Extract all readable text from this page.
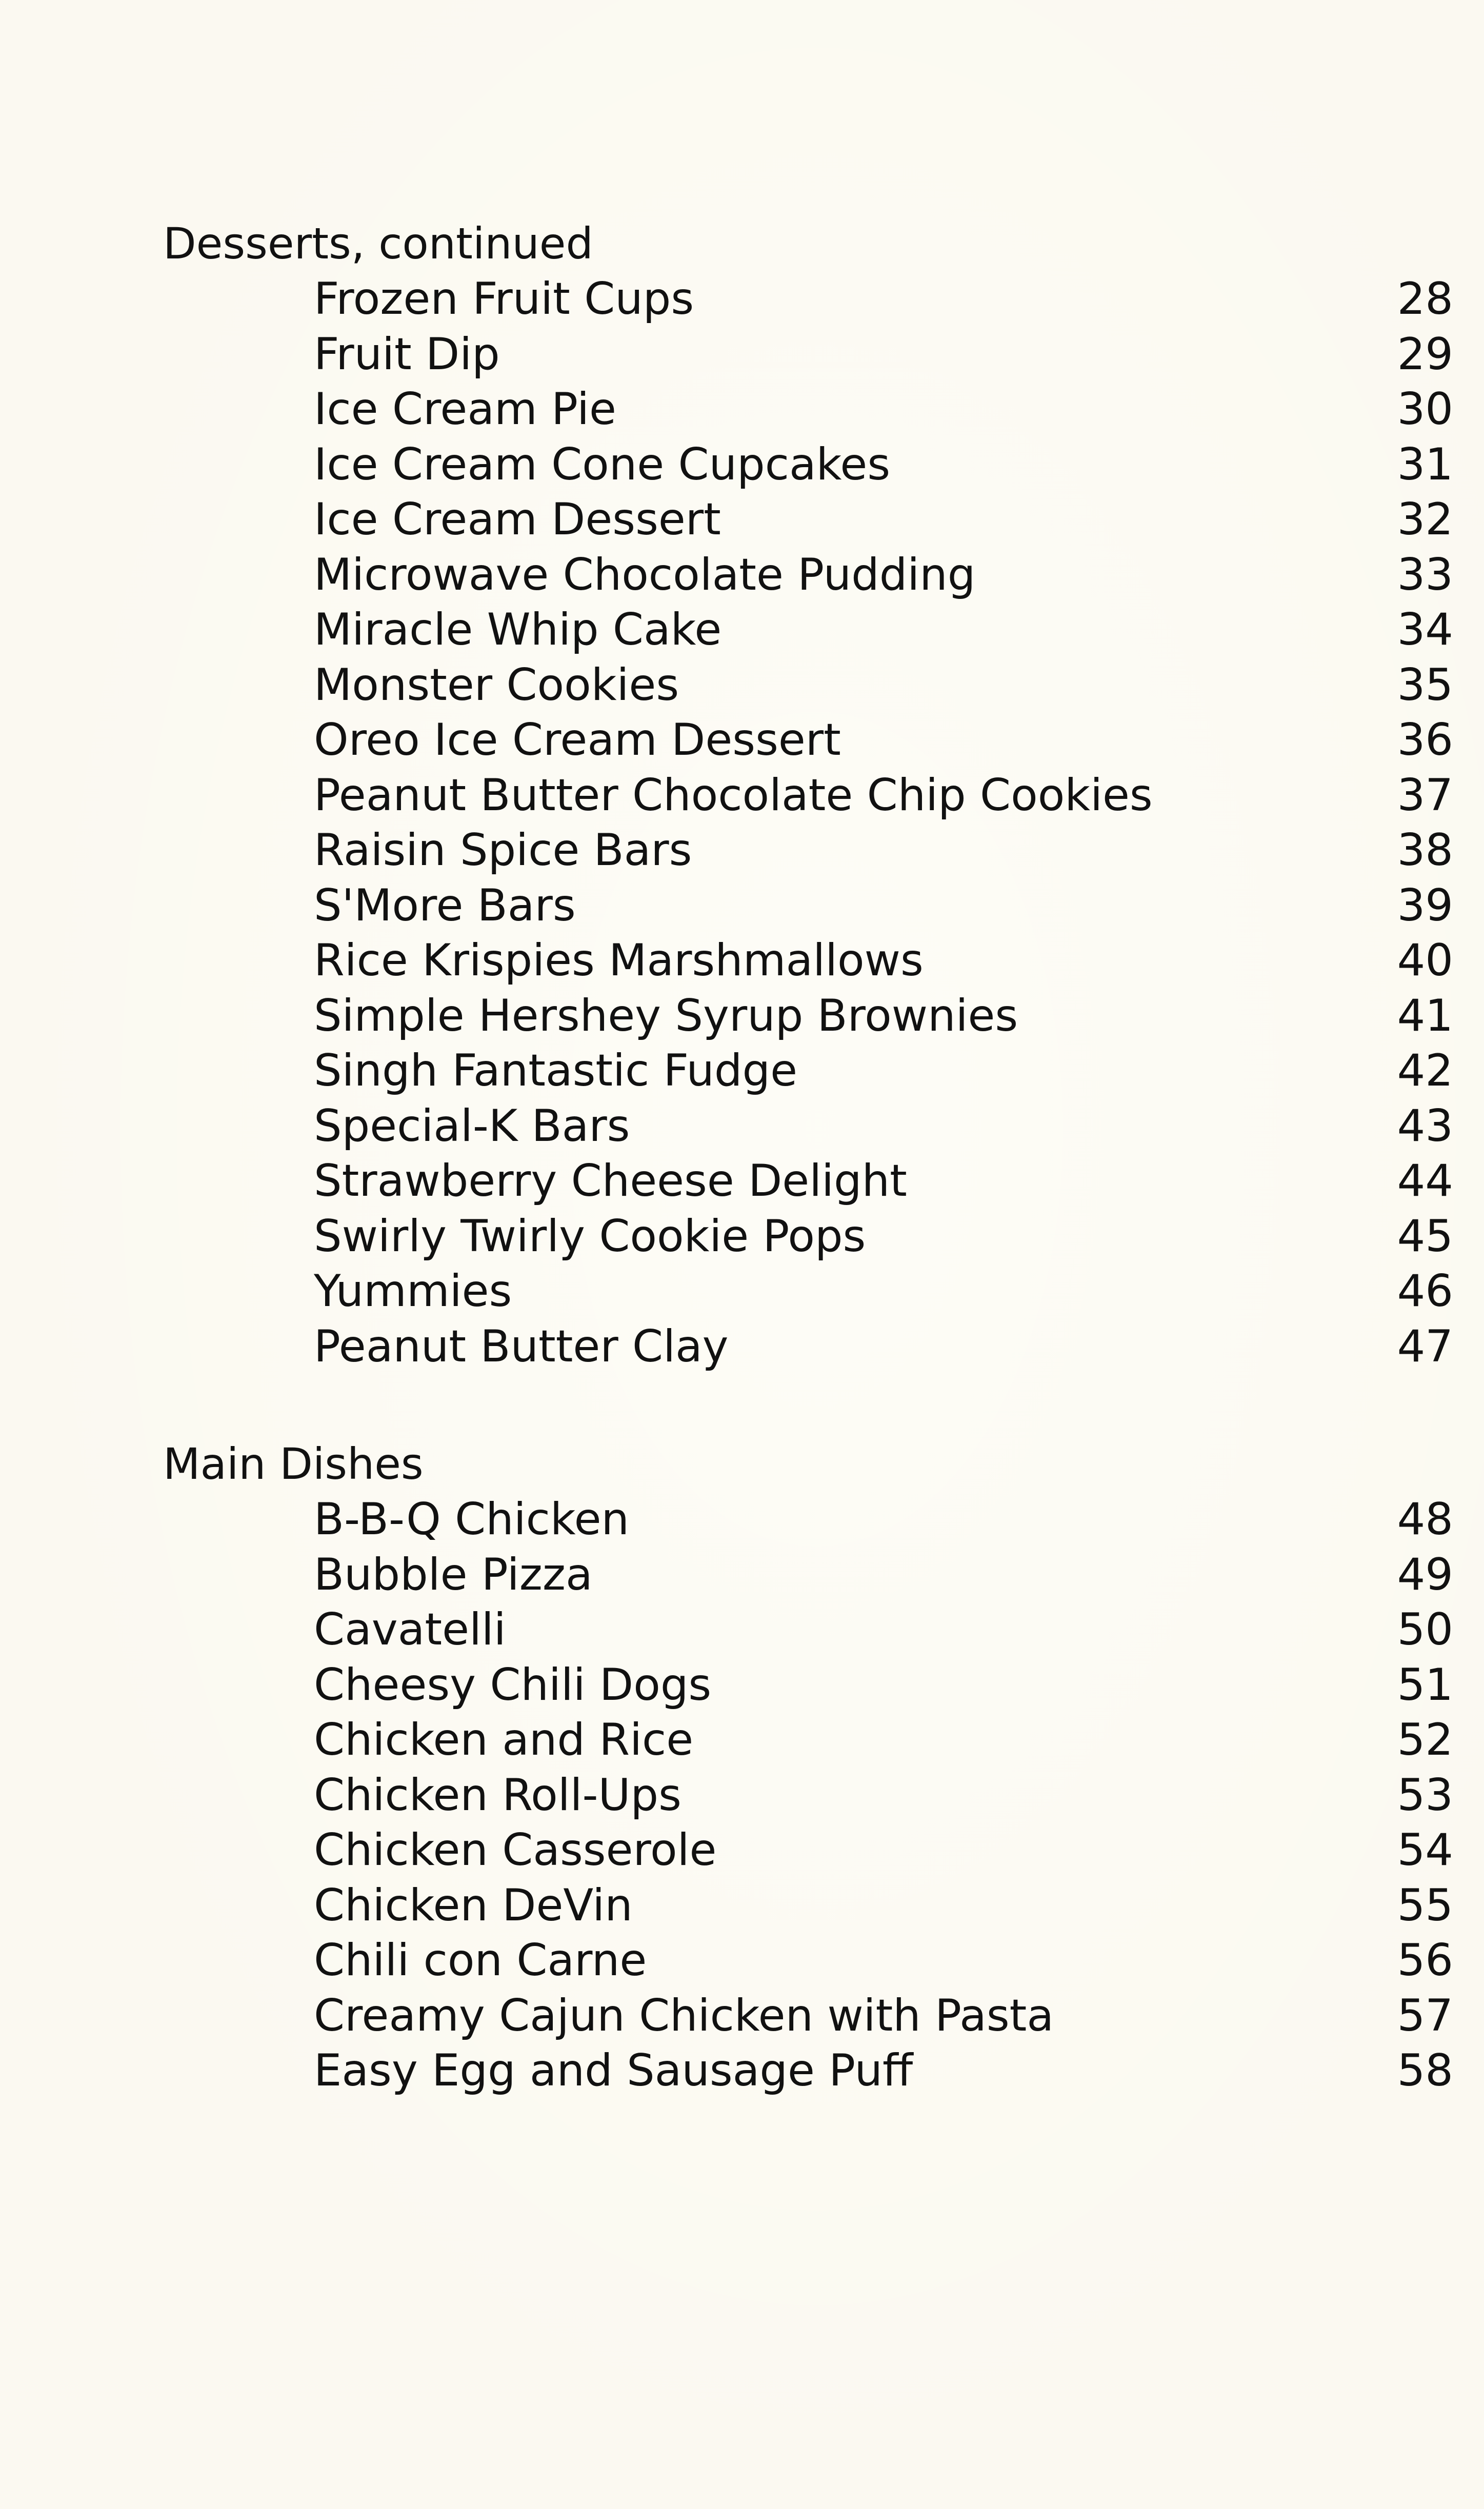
Desserts, continued
Frozen Fruit Cups	28
Fruit Dip	29
Ice Cream Pie	30
Ice Cream Cone Cupcakes	31
Ice Cream Dessert	32
Microwave Chocolate Pudding	33
Miracle Whip Cake	34
Monster Cookies	35
Oreo Ice Cream Dessert	36
Peanut Butter Chocolate Chip Cookies	37
Raisin Spice Bars	38
S'More Bars	39
Rice Krispies Marshmallows	40
Simple Hershey Syrup Brownies	41
Singh Fantastic Fudge	42
Special-K Bars	43
Strawberry Cheese Delight	44
Swirly Twirly Cookie Pops	45
Yummies	46
Peanut Butter Clay	47
Main Dishes
B-B-Q Chicken	48
Bubble Pizza	49
Cavatelli	50
Cheesy Chili Dogs	51
Chicken and Rice	52
Chicken Roll-Ups	53
Chicken Casserole	54
Chicken DeVin	55
Chili con Carne	56
Creamy Cajun Chicken with Pasta	57
Easy Egg and Sausage Puff	58
